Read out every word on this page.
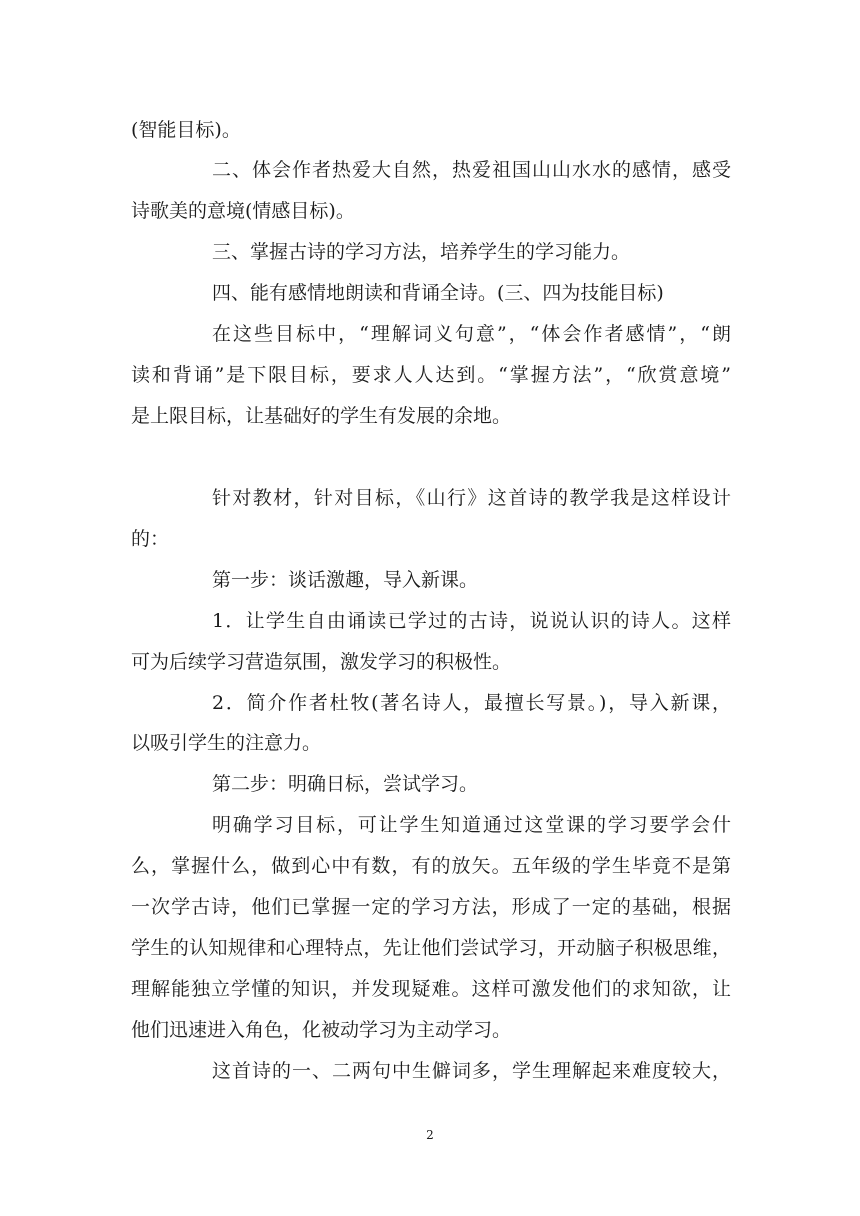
(智能目标)。
二、体会作者热爱大自然，热爱祖国山山水水的感情，感受
诗歌美的意境(情感目标)。
三、掌握古诗的学习方法，培养学生的学习能力。
四、能有感情地朗读和背诵全诗。(三、四为技能目标)
在这些目标中，“理解词义句意”，“体会作者感情”，“朗
读和背诵”是下限目标，要求人人达到。“掌握方法”，“欣赏意境”
是上限目标，让基础好的学生有发展的余地。
针对教材，针对目标，《山行》这首诗的教学我是这样设计
的：
第一步：谈话激趣，导入新课。
1．让学生自由诵读已学过的古诗，说说认识的诗人。这样
可为后续学习营造氛围，激发学习的积极性。
2．简介作者杜牧(著名诗人，最擅长写景。)，导入新课，
以吸引学生的注意力。
第二步：明确日标，尝试学习。
明确学习目标，可让学生知道通过这堂课的学习要学会什
么，掌握什么，做到心中有数，有的放矢。五年级的学生毕竟不是第
一次学古诗，他们已掌握一定的学习方法，形成了一定的基础，根据
学生的认知规律和心理特点，先让他们尝试学习，开动脑子积极思维，
理解能独立学懂的知识，并发现疑难。这样可激发他们的求知欲，让
他们迅速进入角色，化被动学习为主动学习。
这首诗的一、二两句中生僻词多，学生理解起来难度较大，
2
